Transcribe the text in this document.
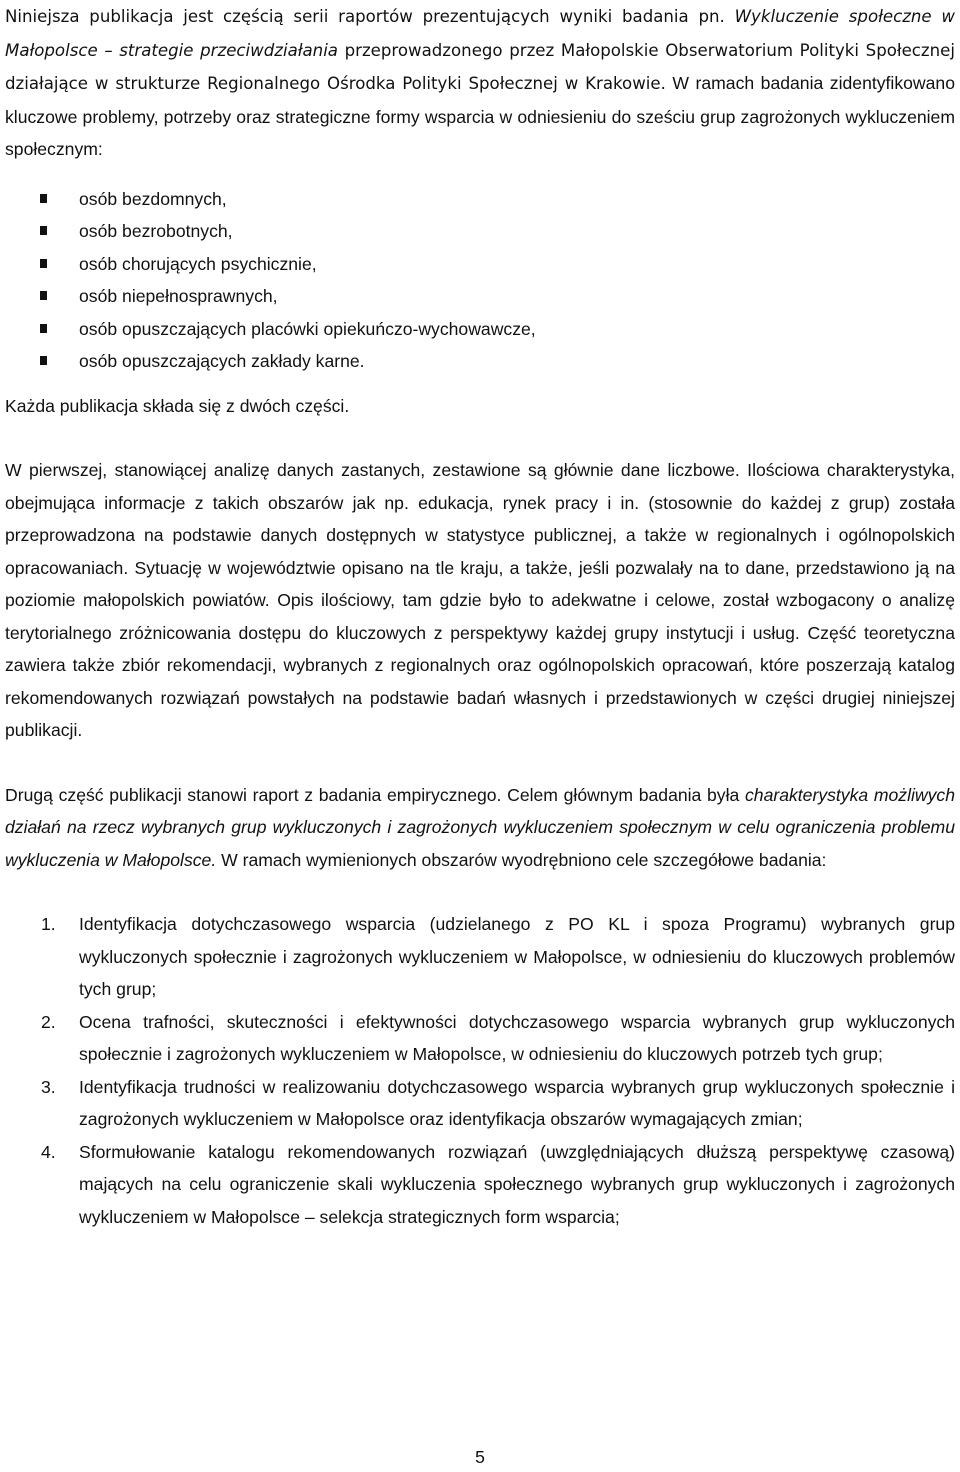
Niniejsza publikacja jest częścią serii raportów prezentujących wyniki badania pn. Wykluczenie społeczne w Małopolsce – strategie przeciwdziałania przeprowadzonego przez Małopolskie Obserwatorium Polityki Społecznej działające w strukturze Regionalnego Ośrodka Polityki Społecznej w Krakowie. W ramach badania zidentyfikowano kluczowe problemy, potrzeby oraz strategiczne formy wsparcia w odniesieniu do sześciu grup zagrożonych wykluczeniem społecznym:

osób bezdomnych,
osób bezrobotnych,
osób chorujących psychicznie,
osób niepełnosprawnych,
osób opuszczających placówki opiekuńczo-wychowawcze,
osób opuszczających zakłady karne.

Każda publikacja składa się z dwóch części.

W pierwszej, stanowiącej analizę danych zastanych, zestawione są głównie dane liczbowe. Ilościowa charakterystyka, obejmująca informacje z takich obszarów jak np. edukacja, rynek pracy i in. (stosownie do każdej z grup) została przeprowadzona na podstawie danych dostępnych w statystyce publicznej, a także w regionalnych i ogólnopolskich opracowaniach. Sytuację w województwie opisano na tle kraju, a także, jeśli pozwalały na to dane, przedstawiono ją na poziomie małopolskich powiatów. Opis ilościowy, tam gdzie było to adekwatne i celowe, został wzbogacony o analizę terytorialnego zróżnicowania dostępu do kluczowych z perspektywy każdej grupy instytucji i usług. Część teoretyczna zawiera także zbiór rekomendacji, wybranych z regionalnych oraz ogólnopolskich opracowań, które poszerzają katalog rekomendowanych rozwiązań powstałych na podstawie badań własnych i przedstawionych w części drugiej niniejszej publikacji.

Drugą część publikacji stanowi raport z badania empirycznego. Celem głównym badania była charakterystyka możliwych działań na rzecz wybranych grup wykluczonych i zagrożonych wykluczeniem społecznym w celu ograniczenia problemu wykluczenia w Małopolsce. W ramach wymienionych obszarów wyodrębniono cele szczegółowe badania:

1. Identyfikacja dotychczasowego wsparcia (udzielanego z PO KL i spoza Programu) wybranych grup wykluczonych społecznie i zagrożonych wykluczeniem w Małopolsce, w odniesieniu do kluczowych problemów tych grup;
2. Ocena trafności, skuteczności i efektywności dotychczasowego wsparcia wybranych grup wykluczonych społecznie i zagrożonych wykluczeniem w Małopolsce, w odniesieniu do kluczowych potrzeb tych grup;
3. Identyfikacja trudności w realizowaniu dotychczasowego wsparcia wybranych grup wykluczonych społecznie i zagrożonych wykluczeniem w Małopolsce oraz identyfikacja obszarów wymagających zmian;
4. Sformułowanie katalogu rekomendowanych rozwiązań (uwzględniających dłuższą perspektywę czasową) mających na celu ograniczenie skali wykluczenia społecznego wybranych grup wykluczonych i zagrożonych wykluczeniem w Małopolsce – selekcja strategicznych form wsparcia;
5
